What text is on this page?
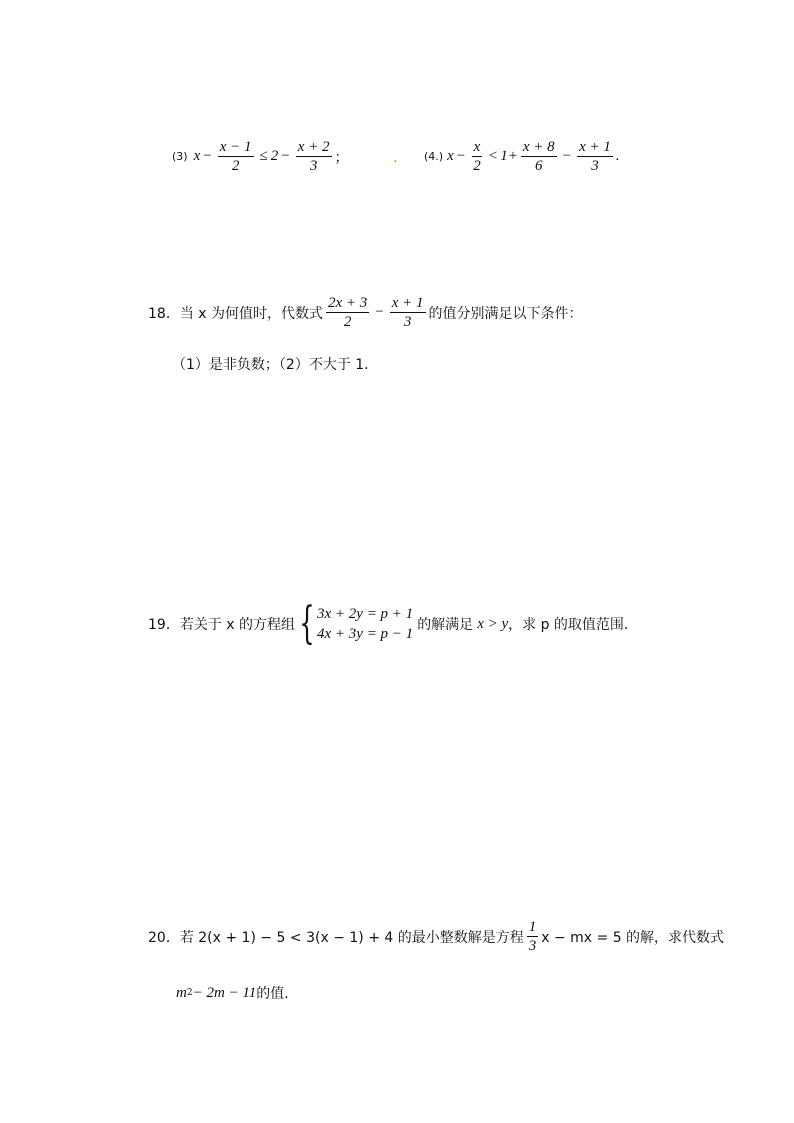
(3) $x - \frac{x - 1}{2} \le 2 - \frac{x + 2}{3}$ ；	. (4.) $x - \frac{x}{2} < 1+ \frac{x + 8}{6} - \frac{x + 1}{3}$ .
18．当 x 为何值时，代数式 $\frac{2x + 3}{2} - \frac{x + 1}{3}$ 的值分别满足以下条件：
（1）是非负数；（2）不大于 1．
19．若关于 x 的方程组 { 3x + 2y = p + 1
4x + 3y = p − 1
的解满足 x > y ，求 p 的取值范围．
20．若 2(x + 1) − 5 < 3(x − 1) + 4 的最小整数解是方程 $\frac{1}{3}$ x − mx = 5 的解，求代数式
m 2 − 2m − 11 的值．
